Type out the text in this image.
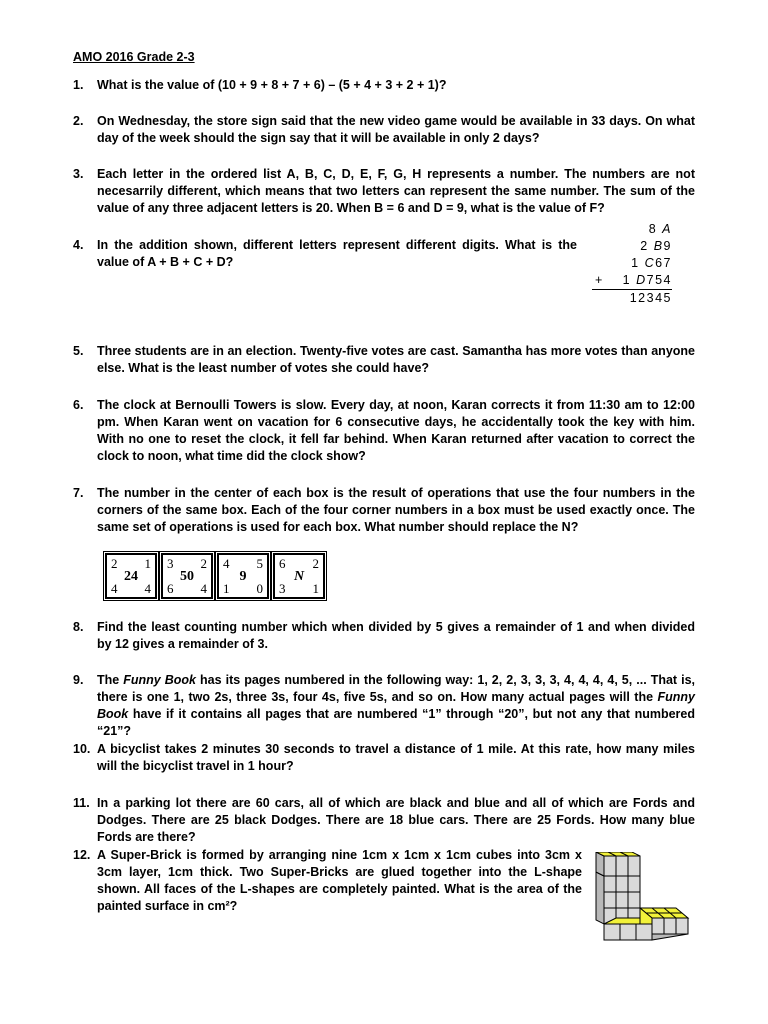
AMO 2016 Grade 2-3
1. What is the value of (10 + 9 + 8 + 7 + 6) – (5 + 4 + 3 + 2 + 1)?
2. On Wednesday, the store sign said that the new video game would be available in 33 days. On what day of the week should the sign say that it will be available in only 2 days?
3. Each letter in the ordered list A, B, C, D, E, F, G, H represents a number. The numbers are not necesarrily different, which means that two letters can represent the same number. The sum of the value of any three adjacent letters is 20. When B = 6 and D = 9, what is the value of F?
4. In the addition shown, different letters represent different digits. What is the value of A + B + C + D?
8 A
2 B9
1 C67
+ 1 D754
12345
5. Three students are in an election. Twenty-five votes are cast. Samantha has more votes than anyone else. What is the least number of votes she could have?
6. The clock at Bernoulli Towers is slow. Every day, at noon, Karan corrects it from 11:30 am to 12:00 pm. When Karan went on vacation for 6 consecutive days, he accidentally took the key with him. With no one to reset the clock, it fell far behind. When Karan returned after vacation to correct the clock to noon, what time did the clock show?
7. The number in the center of each box is the result of operations that use the four numbers in the corners of the same box. Each of the four corner numbers in a box must be used exactly once. The same set of operations is used for each box. What number should replace the N?
2 1
24
4 4
3 2
50
6 4
4 5
9
1 0
6 2
N
3 1
8. Find the least counting number which when divided by 5 gives a remainder of 1 and when divided by 12 gives a remainder of 3.
9. The Funny Book has its pages numbered in the following way: 1, 2, 2, 3, 3, 3, 4, 4, 4, 4, 5, ... That is, there is one 1, two 2s, three 3s, four 4s, five 5s, and so on. How many actual pages will the Funny Book have if it contains all pages that are numbered “1” through “20”, but not any that numbered “21”?
10. A bicyclist takes 2 minutes 30 seconds to travel a distance of 1 mile. At this rate, how many miles will the bicyclist travel in 1 hour?
11. In a parking lot there are 60 cars, all of which are black and blue and all of which are Fords and Dodges. There are 25 black Dodges. There are 18 blue cars. There are 25 Fords. How many blue Fords are there?
12. A Super-Brick is formed by arranging nine 1cm x 1cm x 1cm cubes into 3cm x 3cm layer, 1cm thick. Two Super-Bricks are glued together into the L-shape shown. All faces of the L-shapes are completely painted. What is the area of the painted surface in cm²?
